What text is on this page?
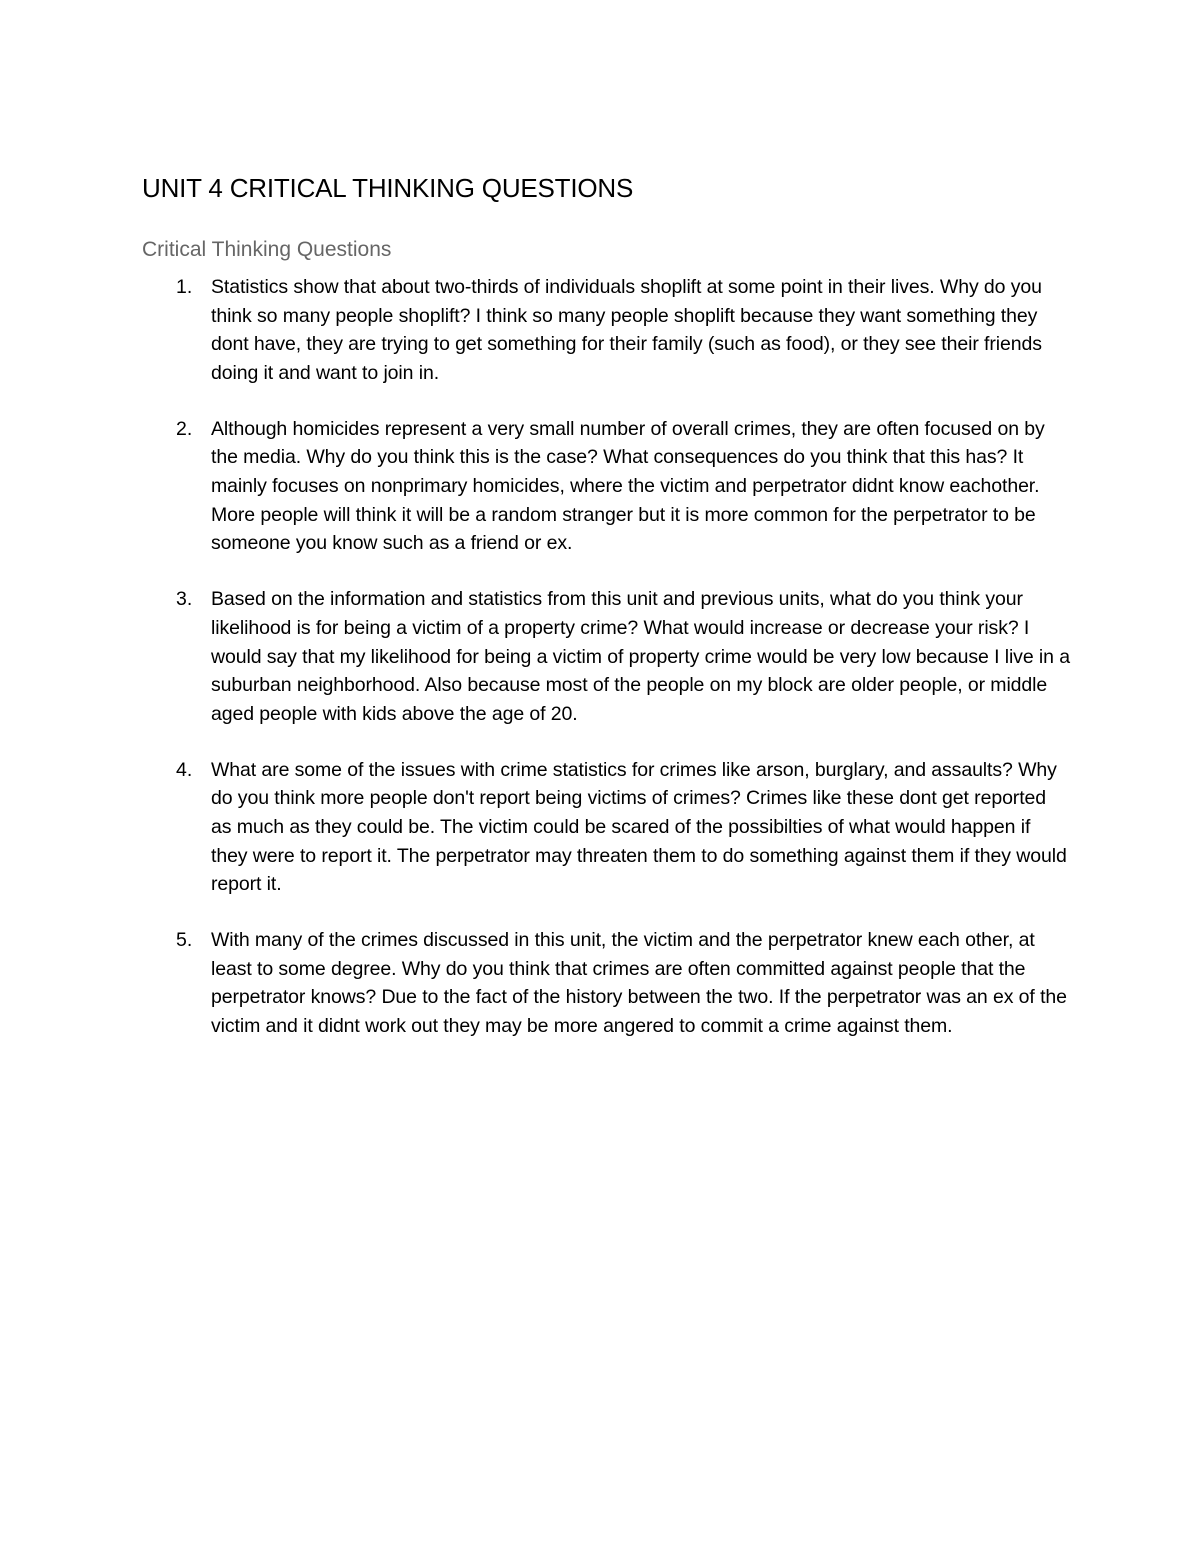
UNIT 4 CRITICAL THINKING QUESTIONS
Critical Thinking Questions
1. Statistics show that about two-thirds of individuals shoplift at some point in their lives. Why do you think so many people shoplift? I think so many people shoplift because they want something they dont have, they are trying to get something for their family (such as food), or they see their friends doing it and want to join in.
2. Although homicides represent a very small number of overall crimes, they are often focused on by the media. Why do you think this is the case? What consequences do you think that this has? It mainly focuses on nonprimary homicides, where the victim and perpetrator didnt know eachother. More people will think it will be a random stranger but it is more common for the perpetrator to be someone you know such as a friend or ex.
3. Based on the information and statistics from this unit and previous units, what do you think your likelihood is for being a victim of a property crime? What would increase or decrease your risk? I would say that my likelihood for being a victim of property crime would be very low because I live in a suburban neighborhood. Also because most of the people on my block are older people, or middle aged people with kids above the age of 20.
4. What are some of the issues with crime statistics for crimes like arson, burglary, and assaults? Why do you think more people don't report being victims of crimes? Crimes like these dont get reported as much as they could be. The victim could be scared of the possibilties of what would happen if they were to report it. The perpetrator may threaten them to do something against them if they would report it.
5. With many of the crimes discussed in this unit, the victim and the perpetrator knew each other, at least to some degree. Why do you think that crimes are often committed against people that the perpetrator knows? Due to the fact of the history between the two. If the perpetrator was an ex of the victim and it didnt work out they may be more angered to commit a crime against them.
